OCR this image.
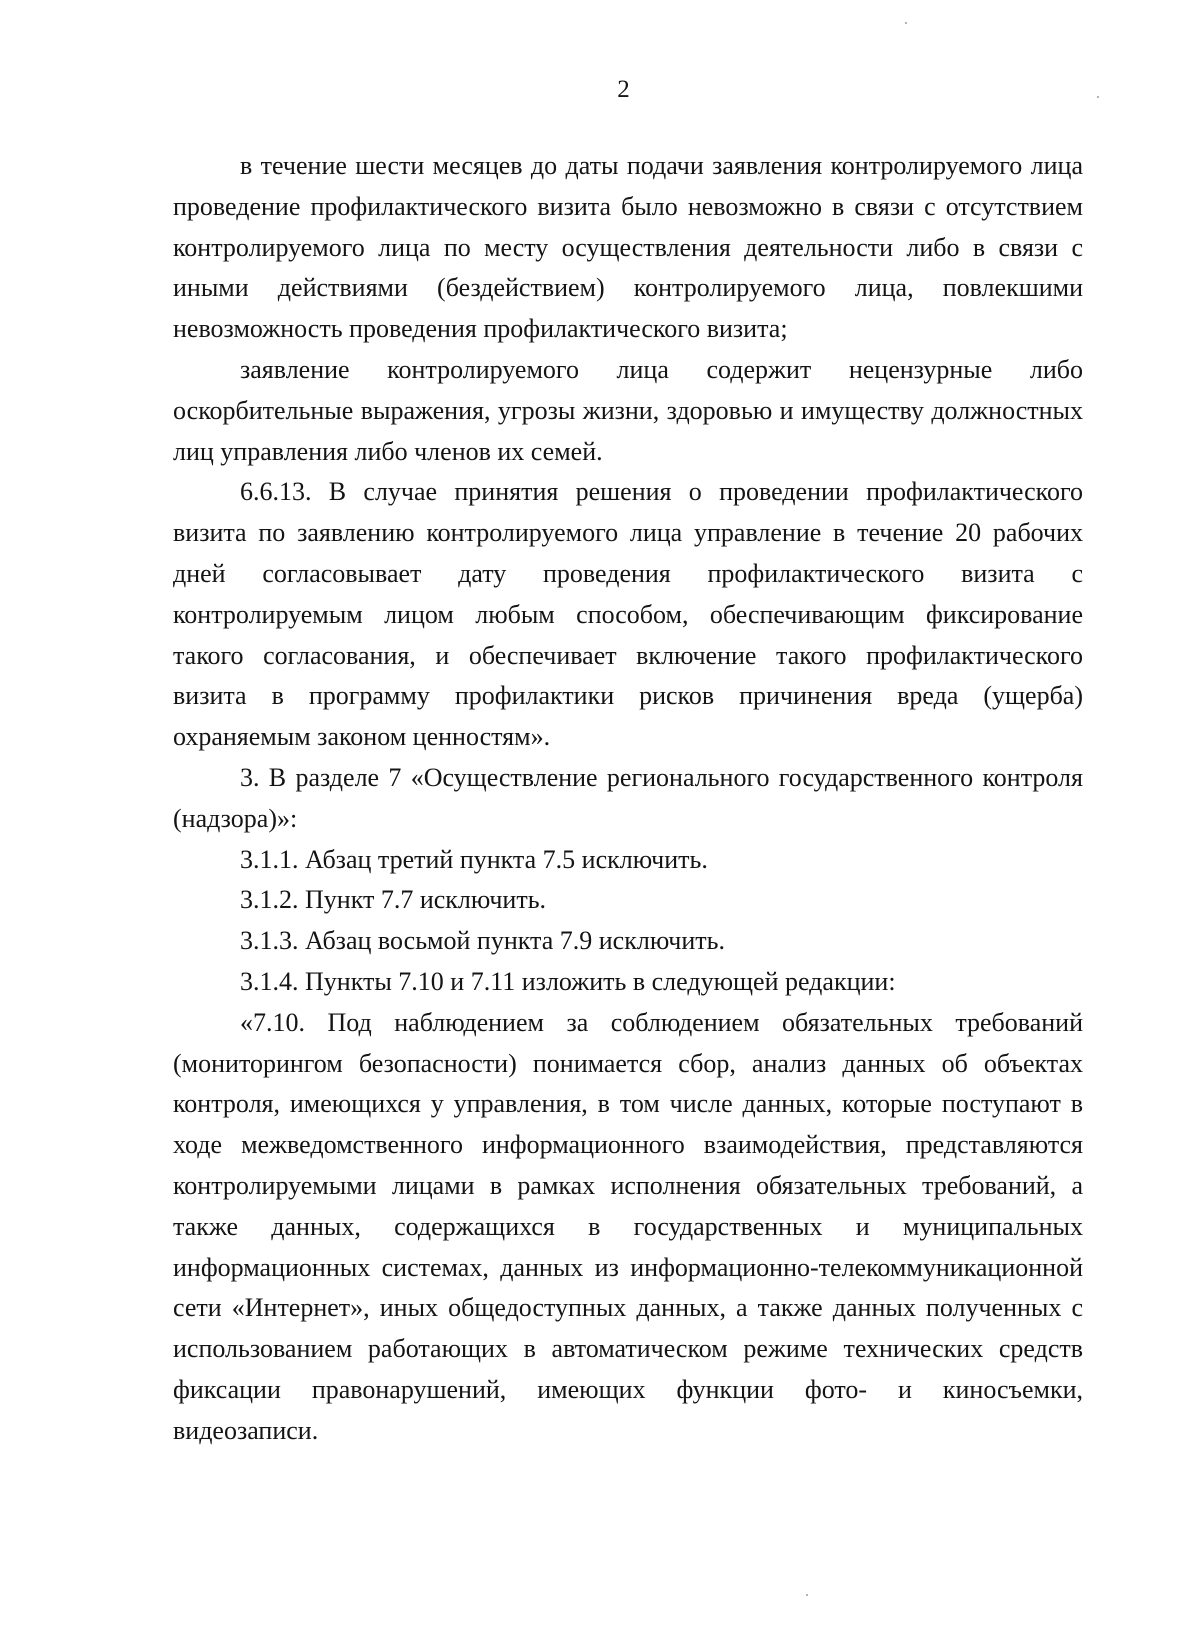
2

в течение шести месяцев до даты подачи заявления контролируемого лица проведение профилактического визита было невозможно в связи с отсутствием контролируемого лица по месту осуществления деятельности либо в связи с иными действиями (бездействием) контролируемого лица, повлекшими невозможность проведения профилактического визита;

заявление контролируемого лица содержит нецензурные либо оскорбительные выражения, угрозы жизни, здоровью и имуществу должностных лиц управления либо членов их семей.

6.6.13. В случае принятия решения о проведении профилактического визита по заявлению контролируемого лица управление в течение 20 рабочих дней согласовывает дату проведения профилактического визита с контролируемым лицом любым способом, обеспечивающим фиксирование такого согласования, и обеспечивает включение такого профилактического визита в программу профилактики рисков причинения вреда (ущерба) охраняемым законом ценностям».

3. В разделе 7 «Осуществление регионального государственного контроля (надзора)»:

3.1.1. Абзац третий пункта 7.5 исключить.

3.1.2. Пункт 7.7 исключить.

3.1.3. Абзац восьмой пункта 7.9 исключить.

3.1.4. Пункты 7.10 и 7.11 изложить в следующей редакции:

«7.10. Под наблюдением за соблюдением обязательных требований (мониторингом безопасности) понимается сбор, анализ данных об объектах контроля, имеющихся у управления, в том числе данных, которые поступают в ходе межведомственного информационного взаимодействия, представляются контролируемыми лицами в рамках исполнения обязательных требований, а также данных, содержащихся в государственных и муниципальных информационных системах, данных из информационно-телекоммуникационной сети «Интернет», иных общедоступных данных, а также данных полученных с использованием работающих в автоматическом режиме технических средств фиксации правонарушений, имеющих функции фото- и киносъемки, видеозаписи.
